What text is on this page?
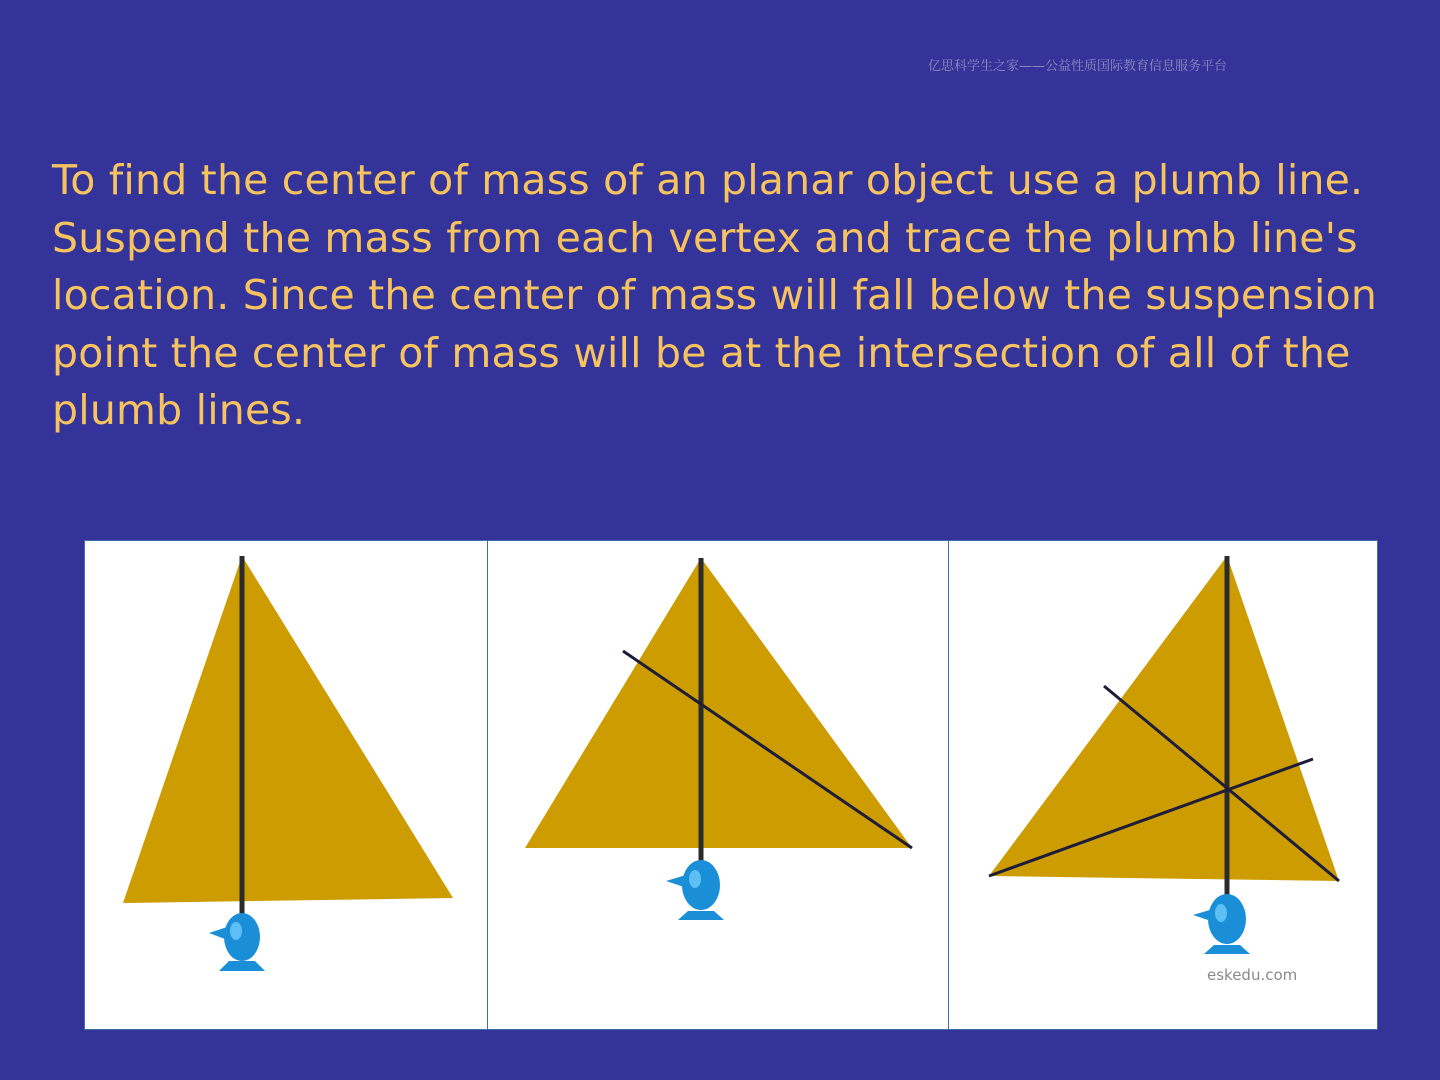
亿思科学生之家——公益性质国际教育信息服务平台
To find the center of mass of an planar object use a plumb line.
Suspend the mass from each vertex and trace the plumb line's location. Since the center of mass will fall below the suspension point the center of mass will be at the intersection of all of the plumb lines.
eskedu.com
